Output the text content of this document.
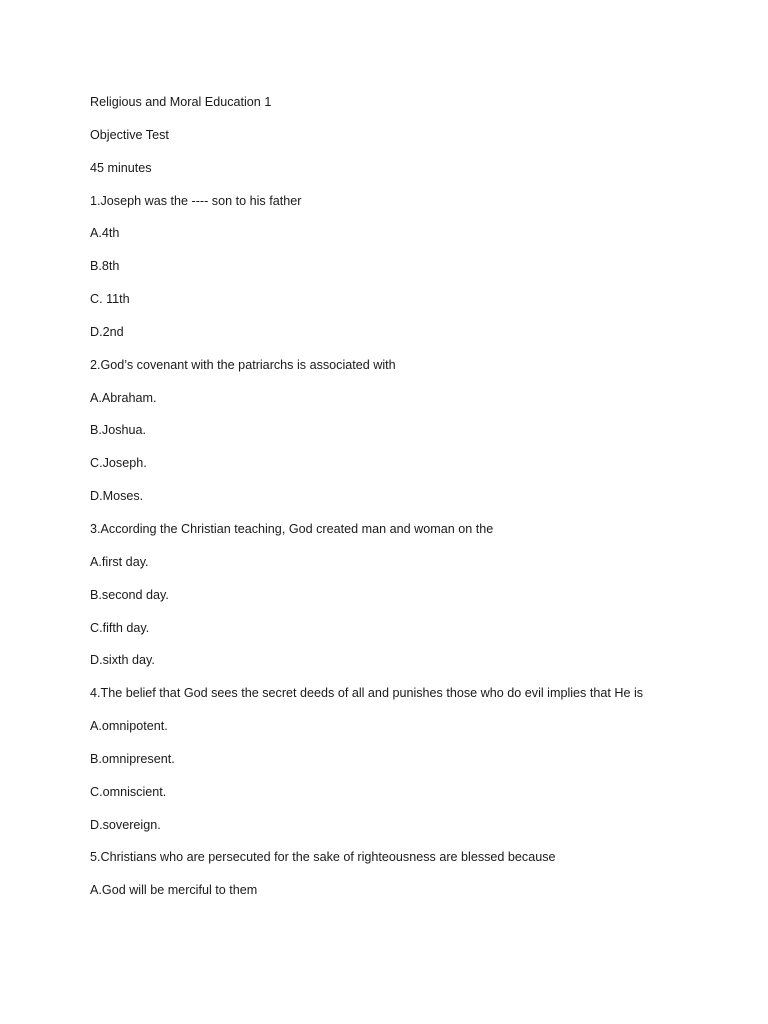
Religious and Moral Education 1
Objective Test
45 minutes
1.Joseph was the ---- son to his father
A.4th
B.8th
C. 11th
D.2nd
2.God’s covenant with the patriarchs is associated with
A.Abraham.
B.Joshua.
C.Joseph.
D.Moses.
3.According the Christian teaching, God created man and woman on the
A.first day.
B.second day.
C.fifth day.
D.sixth day.
4.The belief that God sees the secret deeds of all and punishes those who do evil implies that He is
A.omnipotent.
B.omnipresent.
C.omniscient.
D.sovereign.
5.Christians who are persecuted for the sake of righteousness are blessed because
A.God will be merciful to them
